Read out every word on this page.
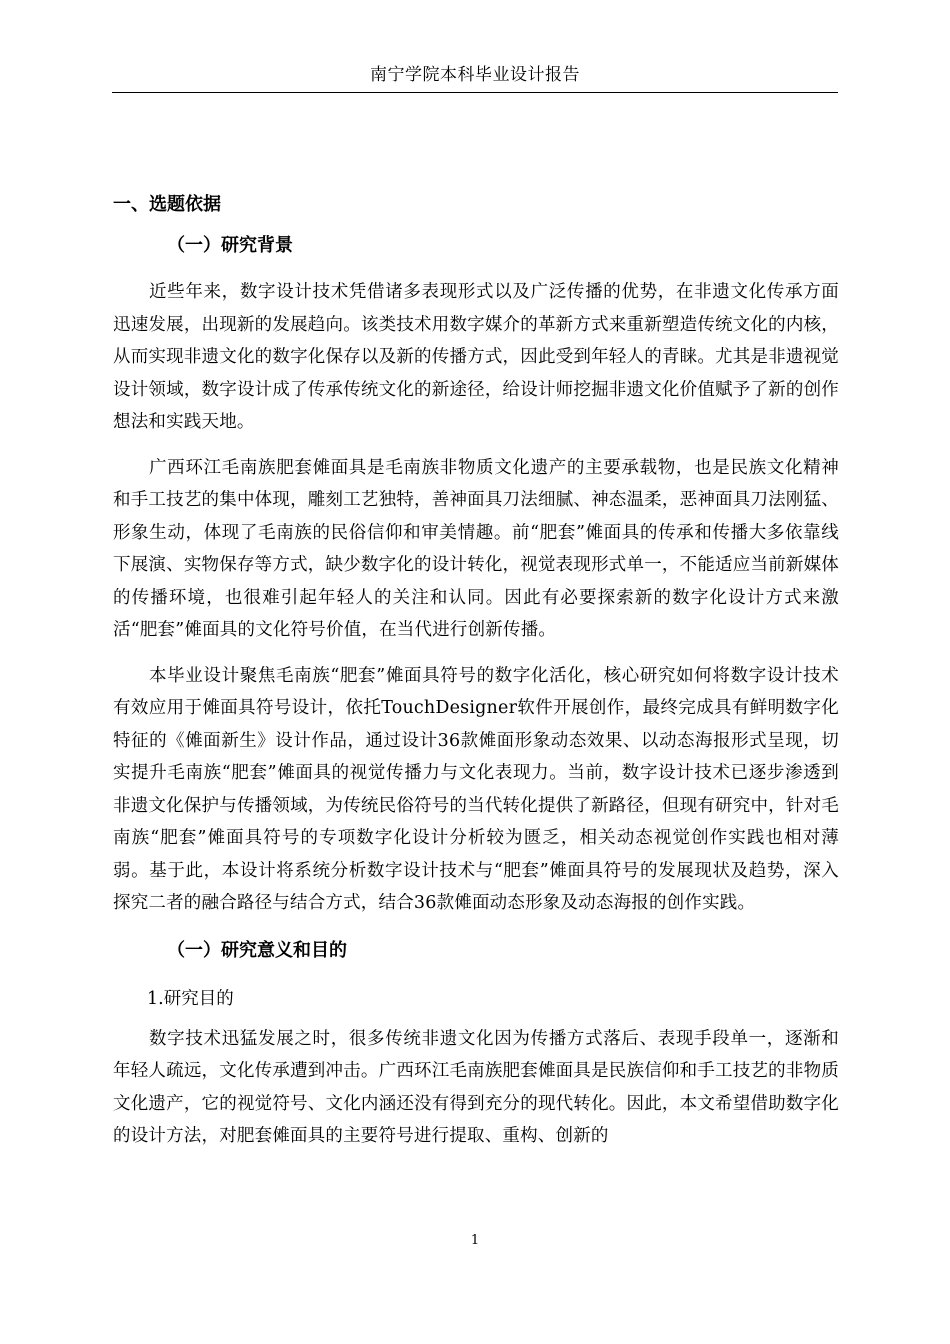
南宁学院本科毕业设计报告
一、选题依据
（一）研究背景

近些年来，数字设计技术凭借诸多表现形式以及广泛传播的优势，在非遗文化传承方面迅速发展，出现新的发展趋向。该类技术用数字媒介的革新方式来重新塑造传统文化的内核，从而实现非遗文化的数字化保存以及新的传播方式，因此受到年轻人的青睐。尤其是非遗视觉设计领域，数字设计成了传承传统文化的新途径，给设计师挖掘非遗文化价值赋予了新的创作想法和实践天地。

广西环江毛南族肥套傩面具是毛南族非物质文化遗产的主要承载物，也是民族文化精神和手工技艺的集中体现，雕刻工艺独特，善神面具刀法细腻、神态温柔，恶神面具刀法刚猛、形象生动，体现了毛南族的民俗信仰和审美情趣。前“肥套”傩面具的传承和传播大多依靠线下展演、实物保存等方式，缺少数字化的设计转化，视觉表现形式单一，不能适应当前新媒体的传播环境，也很难引起年轻人的关注和认同。因此有必要探索新的数字化设计方式来激活“肥套”傩面具的文化符号价值，在当代进行创新传播。

本毕业设计聚焦毛南族“肥套”傩面具符号的数字化活化，核心研究如何将数字设计技术有效应用于傩面具符号设计，依托TouchDesigner软件开展创作，最终完成具有鲜明数字化特征的《傩面新生》设计作品，通过设计36款傩面形象动态效果、以动态海报形式呈现，切实提升毛南族“肥套”傩面具的视觉传播力与文化表现力。当前，数字设计技术已逐步渗透到非遗文化保护与传播领域，为传统民俗符号的当代转化提供了新路径，但现有研究中，针对毛南族“肥套”傩面具符号的专项数字化设计分析较为匮乏，相关动态视觉创作实践也相对薄弱。基于此，本设计将系统分析数字设计技术与“肥套”傩面具符号的发展现状及趋势，深入探究二者的融合路径与结合方式，结合36款傩面动态形象及动态海报的创作实践。

（一）研究意义和目的
1.研究目的

数字技术迅猛发展之时，很多传统非遗文化因为传播方式落后、表现手段单一，逐渐和年轻人疏远，文化传承遭到冲击。广西环江毛南族肥套傩面具是民族信仰和手工技艺的非物质文化遗产，它的视觉符号、文化内涵还没有得到充分的现代转化。因此，本文希望借助数字化的设计方法，对肥套傩面具的主要符号进行提取、重构、创新的

1
